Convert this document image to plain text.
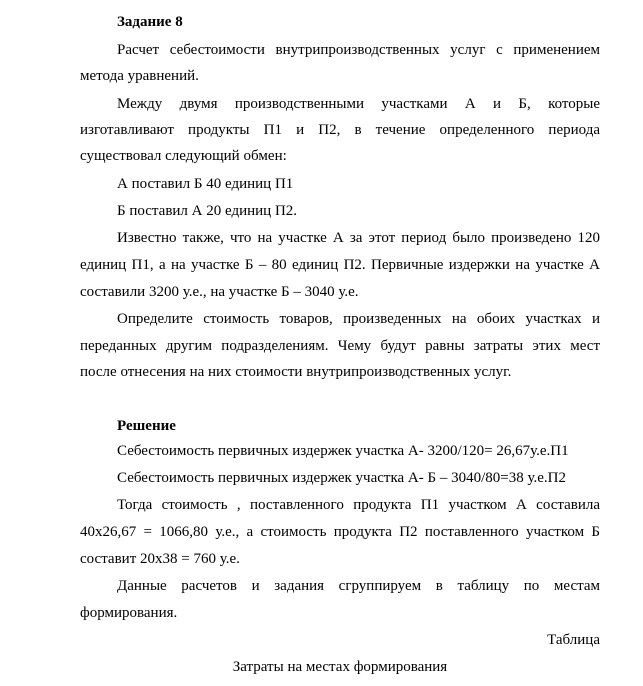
Задание 8
Расчет себестоимости внутрипроизводственных услуг с применением
метода уравнений.
Между двумя производственными участками А и Б, которые
изготавливают продукты П1 и П2, в течение определенного периода
существовал следующий обмен:
А поставил Б 40 единиц П1
Б поставил А 20 единиц П2.
Известно также, что на участке А за этот период было произведено 120
единиц П1, а на участке Б – 80 единиц П2. Первичные издержки на участке А
составили 3200 у.е., на участке Б – 3040 у.е.
Определите стоимость товаров, произведенных на обоих участках и
переданных другим подразделениям. Чему будут равны затраты этих мест
после отнесения на них стоимости внутрипроизводственных услуг.
Решение
Себестоимость первичных издержек участка А- 3200/120= 26,67у.е.П1
Себестоимость первичных издержек участка А- Б – 3040/80=38 у.е.П2
Тогда стоимость , поставленного продукта П1 участком А составила
40х26,67 = 1066,80 у.е., а стоимость продукта П2 поставленного участком Б
составит 20х38 = 760 у.е.
Данные расчетов и задания сгруппируем в таблицу по местам
формирования.
Таблица
Затраты на местах формирования
